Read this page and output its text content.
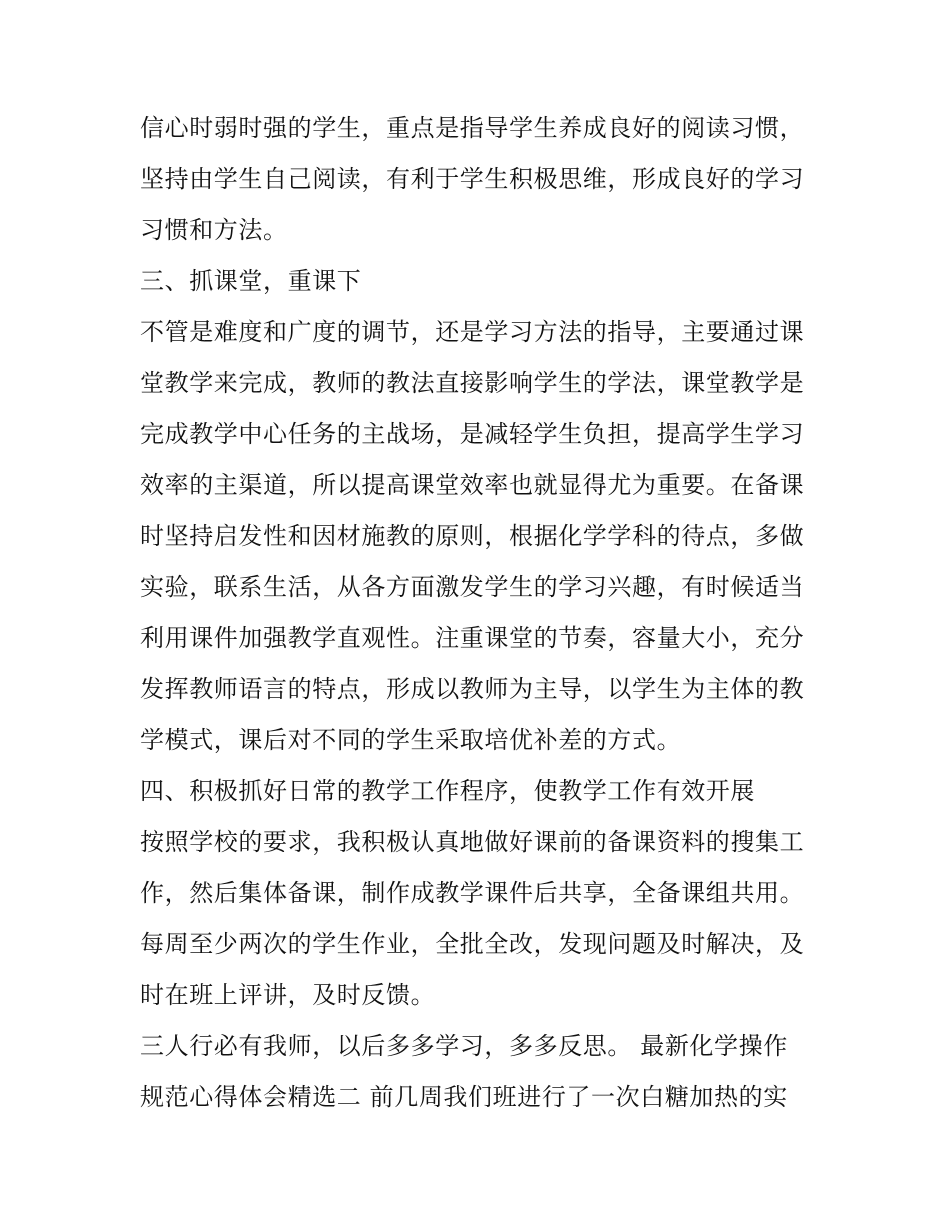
信心时弱时强的学生，重点是指导学生养成良好的阅读习惯，
坚持由学生自己阅读，有利于学生积极思维，形成良好的学习
习惯和方法。
三、抓课堂，重课下
不管是难度和广度的调节，还是学习方法的指导，主要通过课
堂教学来完成，教师的教法直接影响学生的学法，课堂教学是
完成教学中心任务的主战场，是减轻学生负担，提高学生学习
效率的主渠道，所以提高课堂效率也就显得尤为重要。在备课
时坚持启发性和因材施教的原则，根据化学学科的待点，多做
实验，联系生活，从各方面激发学生的学习兴趣，有时候适当
利用课件加强教学直观性。注重课堂的节奏，容量大小，充分
发挥教师语言的特点，形成以教师为主导，以学生为主体的教
学模式，课后对不同的学生采取培优补差的方式。
四、积极抓好日常的教学工作程序，使教学工作有效开展
按照学校的要求，我积极认真地做好课前的备课资料的搜集工
作，然后集体备课，制作成教学课件后共享，全备课组共用。
每周至少两次的学生作业，全批全改，发现问题及时解决，及
时在班上评讲，及时反馈。
三人行必有我师，以后多多学习，多多反思。 最新化学操作
规范心得体会精选二 前几周我们班进行了一次白糖加热的实
